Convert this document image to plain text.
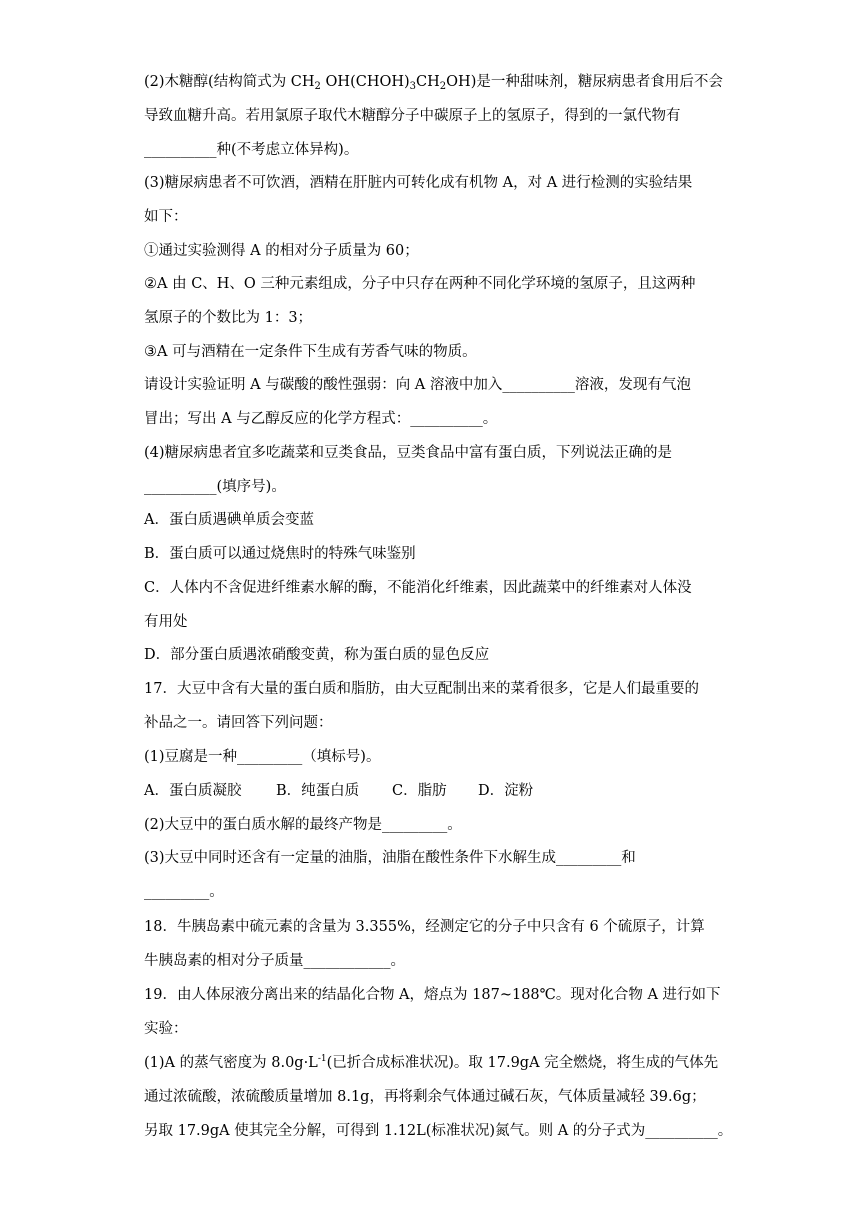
(2)木糖醇(结构简式为 $CH_2$ $OH(CHOH)_3CH_2OH$)是一种甜味剂，糖尿病患者食用后不会
导致血糖升高。若用氯原子取代木糖醇分子中碳原子上的氢原子，得到的一氯代物有
__________种(不考虑立体异构)。
(3)糖尿病患者不可饮酒，酒精在肝脏内可转化成有机物 A，对 A 进行检测的实验结果
如下：
①通过实验测得 A 的相对分子质量为 60；
②A 由 C、H、O 三种元素组成，分子中只存在两种不同化学环境的氢原子，且这两种
氢原子的个数比为 1：3；
③A 可与酒精在一定条件下生成有芳香气味的物质。
请设计实验证明 A 与碳酸的酸性强弱：向 A 溶液中加入__________溶液，发现有气泡
冒出；写出 A 与乙醇反应的化学方程式：__________。
(4)糖尿病患者宜多吃蔬菜和豆类食品，豆类食品中富有蛋白质，下列说法正确的是
__________(填序号)。
A．蛋白质遇碘单质会变蓝
B．蛋白质可以通过烧焦时的特殊气味鉴别
C．人体内不含促进纤维素水解的酶，不能消化纤维素，因此蔬菜中的纤维素对人体没
有用处
D．部分蛋白质遇浓硝酸变黄，称为蛋白质的显色反应
17．大豆中含有大量的蛋白质和脂肪，由大豆配制出来的菜肴很多，它是人们最重要的
补品之一。请回答下列问题：
(1)豆腐是一种_________（填标号)。
A．蛋白质凝胶 B．纯蛋白质 C．脂肪 D．淀粉
(2)大豆中的蛋白质水解的最终产物是_________。
(3)大豆中同时还含有一定量的油脂，油脂在酸性条件下水解生成_________和
_________。
18．牛胰岛素中硫元素的含量为 3.355%，经测定它的分子中只含有 6 个硫原子，计算
牛胰岛素的相对分子质量____________。
19．由人体尿液分离出来的结晶化合物 A，熔点为 187~188℃。现对化合物 A 进行如下
实验：
(1)A 的蒸气密度为 $8.0g\cdot L^{-1}$(已折合成标准状况)。取 17.9gA 完全燃烧，将生成的气体先
通过浓硫酸，浓硫酸质量增加 8.1g，再将剩余气体通过碱石灰，气体质量减轻 39.6g；
另取 17.9gA 使其完全分解，可得到 1.12L(标准状况)氮气。则 A 的分子式为__________。
